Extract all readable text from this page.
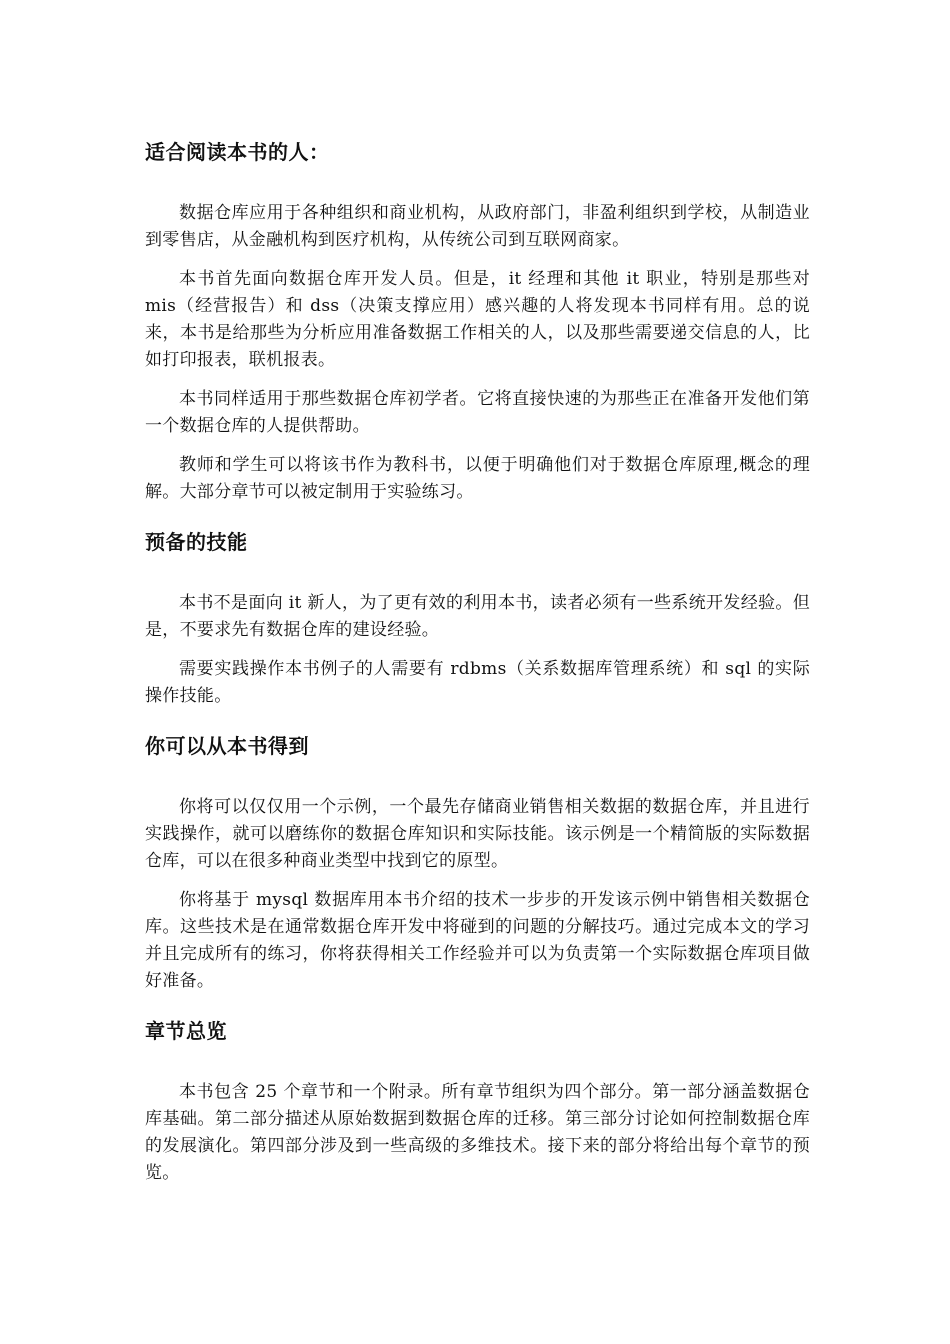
适合阅读本书的人：

数据仓库应用于各种组织和商业机构，从政府部门，非盈利组织到学校，从制造业到零售店，从金融机构到医疗机构，从传统公司到互联网商家。

本书首先面向数据仓库开发人员。但是，it 经理和其他 it 职业，特别是那些对 mis（经营报告）和 dss（决策支撑应用）感兴趣的人将发现本书同样有用。总的说来，本书是给那些为分析应用准备数据工作相关的人，以及那些需要递交信息的人，比如打印报表，联机报表。

本书同样适用于那些数据仓库初学者。它将直接快速的为那些正在准备开发他们第一个数据仓库的人提供帮助。

教师和学生可以将该书作为教科书，以便于明确他们对于数据仓库原理,概念的理解。大部分章节可以被定制用于实验练习。

预备的技能

本书不是面向 it 新人，为了更有效的利用本书，读者必须有一些系统开发经验。但是，不要求先有数据仓库的建设经验。

需要实践操作本书例子的人需要有 rdbms（关系数据库管理系统）和 sql 的实际操作技能。

你可以从本书得到

你将可以仅仅用一个示例，一个最先存储商业销售相关数据的数据仓库，并且进行实践操作，就可以磨练你的数据仓库知识和实际技能。该示例是一个精简版的实际数据仓库，可以在很多种商业类型中找到它的原型。

你将基于 mysql 数据库用本书介绍的技术一步步的开发该示例中销售相关数据仓库。这些技术是在通常数据仓库开发中将碰到的问题的分解技巧。通过完成本文的学习并且完成所有的练习，你将获得相关工作经验并可以为负责第一个实际数据仓库项目做好准备。

章节总览

本书包含 25 个章节和一个附录。所有章节组织为四个部分。第一部分涵盖数据仓库基础。第二部分描述从原始数据到数据仓库的迁移。第三部分讨论如何控制数据仓库的发展演化。第四部分涉及到一些高级的多维技术。接下来的部分将给出每个章节的预览。
